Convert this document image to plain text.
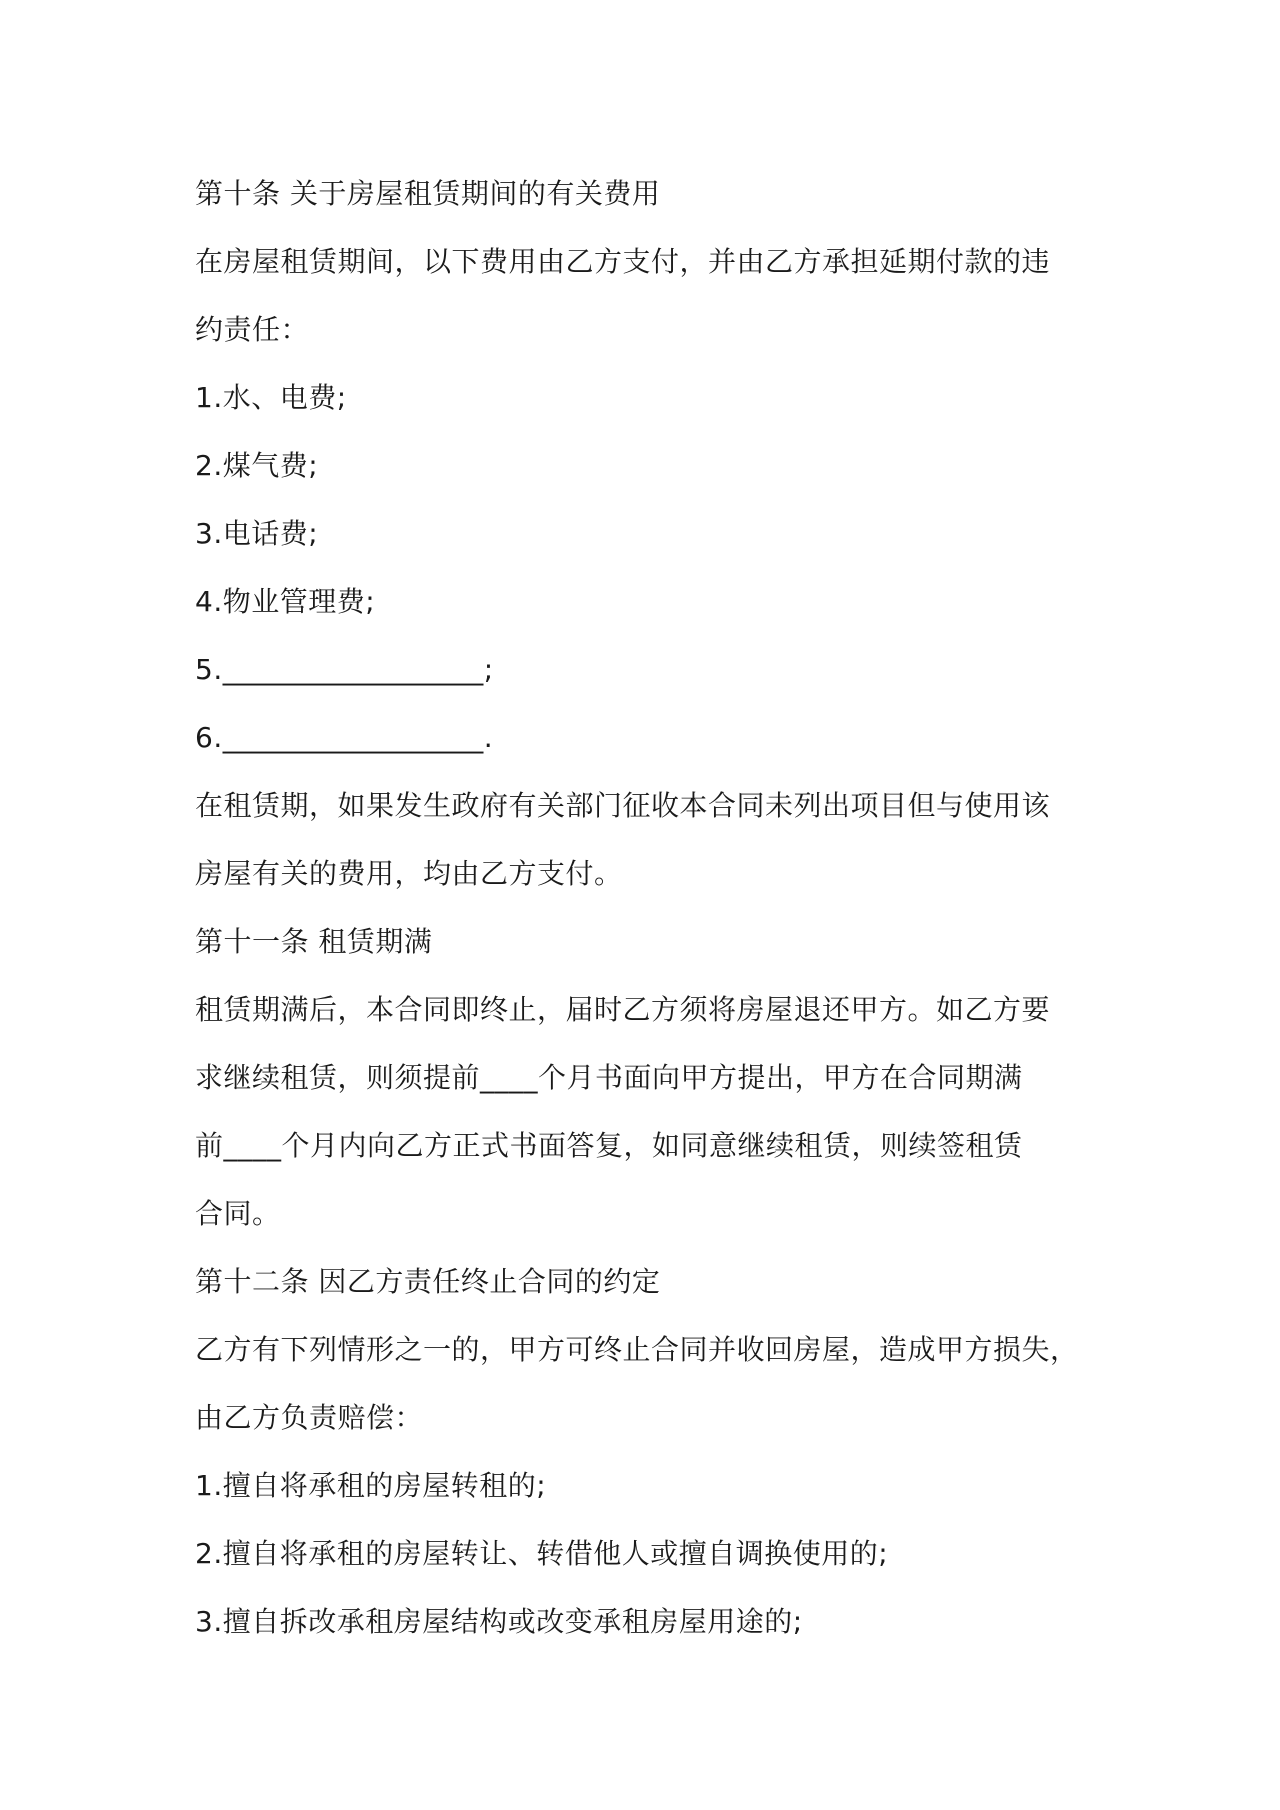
第十条 关于房屋租赁期间的有关费用
在房屋租赁期间，以下费用由乙方支付，并由乙方承担延期付款的违
约责任：
1.水、电费;
2.煤气费;
3.电话费;
4.物业管理费;
5.__________________;
6.__________________.
在租赁期，如果发生政府有关部门征收本合同未列出项目但与使用该
房屋有关的费用，均由乙方支付。
第十一条 租赁期满
租赁期满后，本合同即终止，届时乙方须将房屋退还甲方。如乙方要
求继续租赁，则须提前____个月书面向甲方提出，甲方在合同期满
前____个月内向乙方正式书面答复，如同意继续租赁，则续签租赁
合同。
第十二条 因乙方责任终止合同的约定
乙方有下列情形之一的，甲方可终止合同并收回房屋，造成甲方损失，
由乙方负责赔偿：
1.擅自将承租的房屋转租的;
2.擅自将承租的房屋转让、转借他人或擅自调换使用的;
3.擅自拆改承租房屋结构或改变承租房屋用途的;
